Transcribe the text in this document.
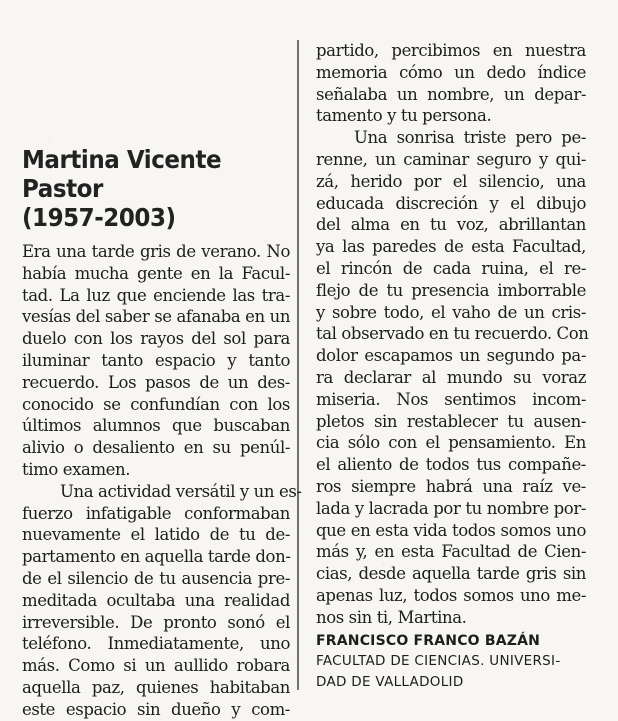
Martina Vicente Pastor
(1957-2003)
Era una tarde gris de verano. No
había mucha gente en la Facul-
tad. La luz que enciende las tra-
vesías del saber se afanaba en un
duelo con los rayos del sol para
iluminar tanto espacio y tanto
recuerdo. Los pasos de un des-
conocido se confundían con los
últimos alumnos que buscaban
alivio o desaliento en su penúl-
timo examen.
Una actividad versátil y un es-
fuerzo infatigable conformaban
nuevamente el latido de tu de-
partamento en aquella tarde don-
de el silencio de tu ausencia pre-
meditada ocultaba una realidad
irreversible. De pronto sonó el
teléfono. Inmediatamente, uno
más. Como si un aullido robara
aquella paz, quienes habitaban
este espacio sin dueño y com-
partido, percibimos en nuestra
memoria cómo un dedo índice
señalaba un nombre, un depar-
tamento y tu persona.
Una sonrisa triste pero pe-
renne, un caminar seguro y qui-
zá, herido por el silencio, una
educada discreción y el dibujo
del alma en tu voz, abrillantan
ya las paredes de esta Facultad,
el rincón de cada ruina, el re-
flejo de tu presencia imborrable
y sobre todo, el vaho de un cris-
tal observado en tu recuerdo. Con
dolor escapamos un segundo pa-
ra declarar al mundo su voraz
miseria. Nos sentimos incom-
pletos sin restablecer tu ausen-
cia sólo con el pensamiento. En
el aliento de todos tus compañe-
ros siempre habrá una raíz ve-
lada y lacrada por tu nombre por-
que en esta vida todos somos uno
más y, en esta Facultad de Cien-
cias, desde aquella tarde gris sin
apenas luz, todos somos uno me-
nos sin ti, Martina.
FRANCISCO FRANCO BAZÁN
FACULTAD DE CIENCIAS. UNIVERSI-
DAD DE VALLADOLID
